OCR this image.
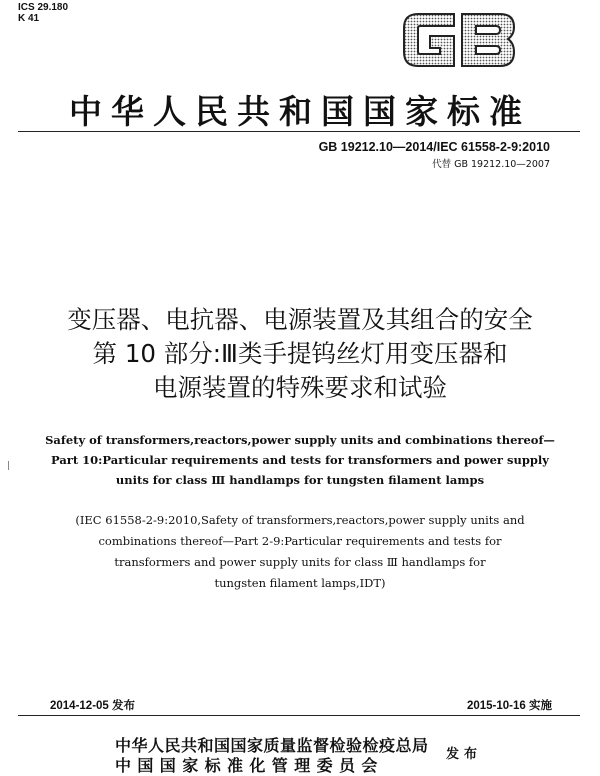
ICS 29.180
K 41
GB
中华人民共和国国家标准
GB 19212.10—2014/IEC 61558-2-9:2010
代替 GB 19212.10—2007
变压器、电抗器、电源装置及其组合的安全
第 10 部分:Ⅲ类手提钨丝灯用变压器和
电源装置的特殊要求和试验
Safety of transformers,reactors,power supply units and combinations thereof—
Part 10:Particular requirements and tests for transformers and power supply
units for class Ⅲ handlamps for tungsten filament lamps
(IEC 61558-2-9:2010,Safety of transformers,reactors,power supply units and
combinations thereof—Part 2-9:Particular requirements and tests for
transformers and power supply units for class Ⅲ handlamps for
tungsten filament lamps,IDT)
2014-12-05 发布	2015-10-16 实施
中华人民共和国国家质量监督检验检疫总局
中国国家标准化管理委员会
发布
